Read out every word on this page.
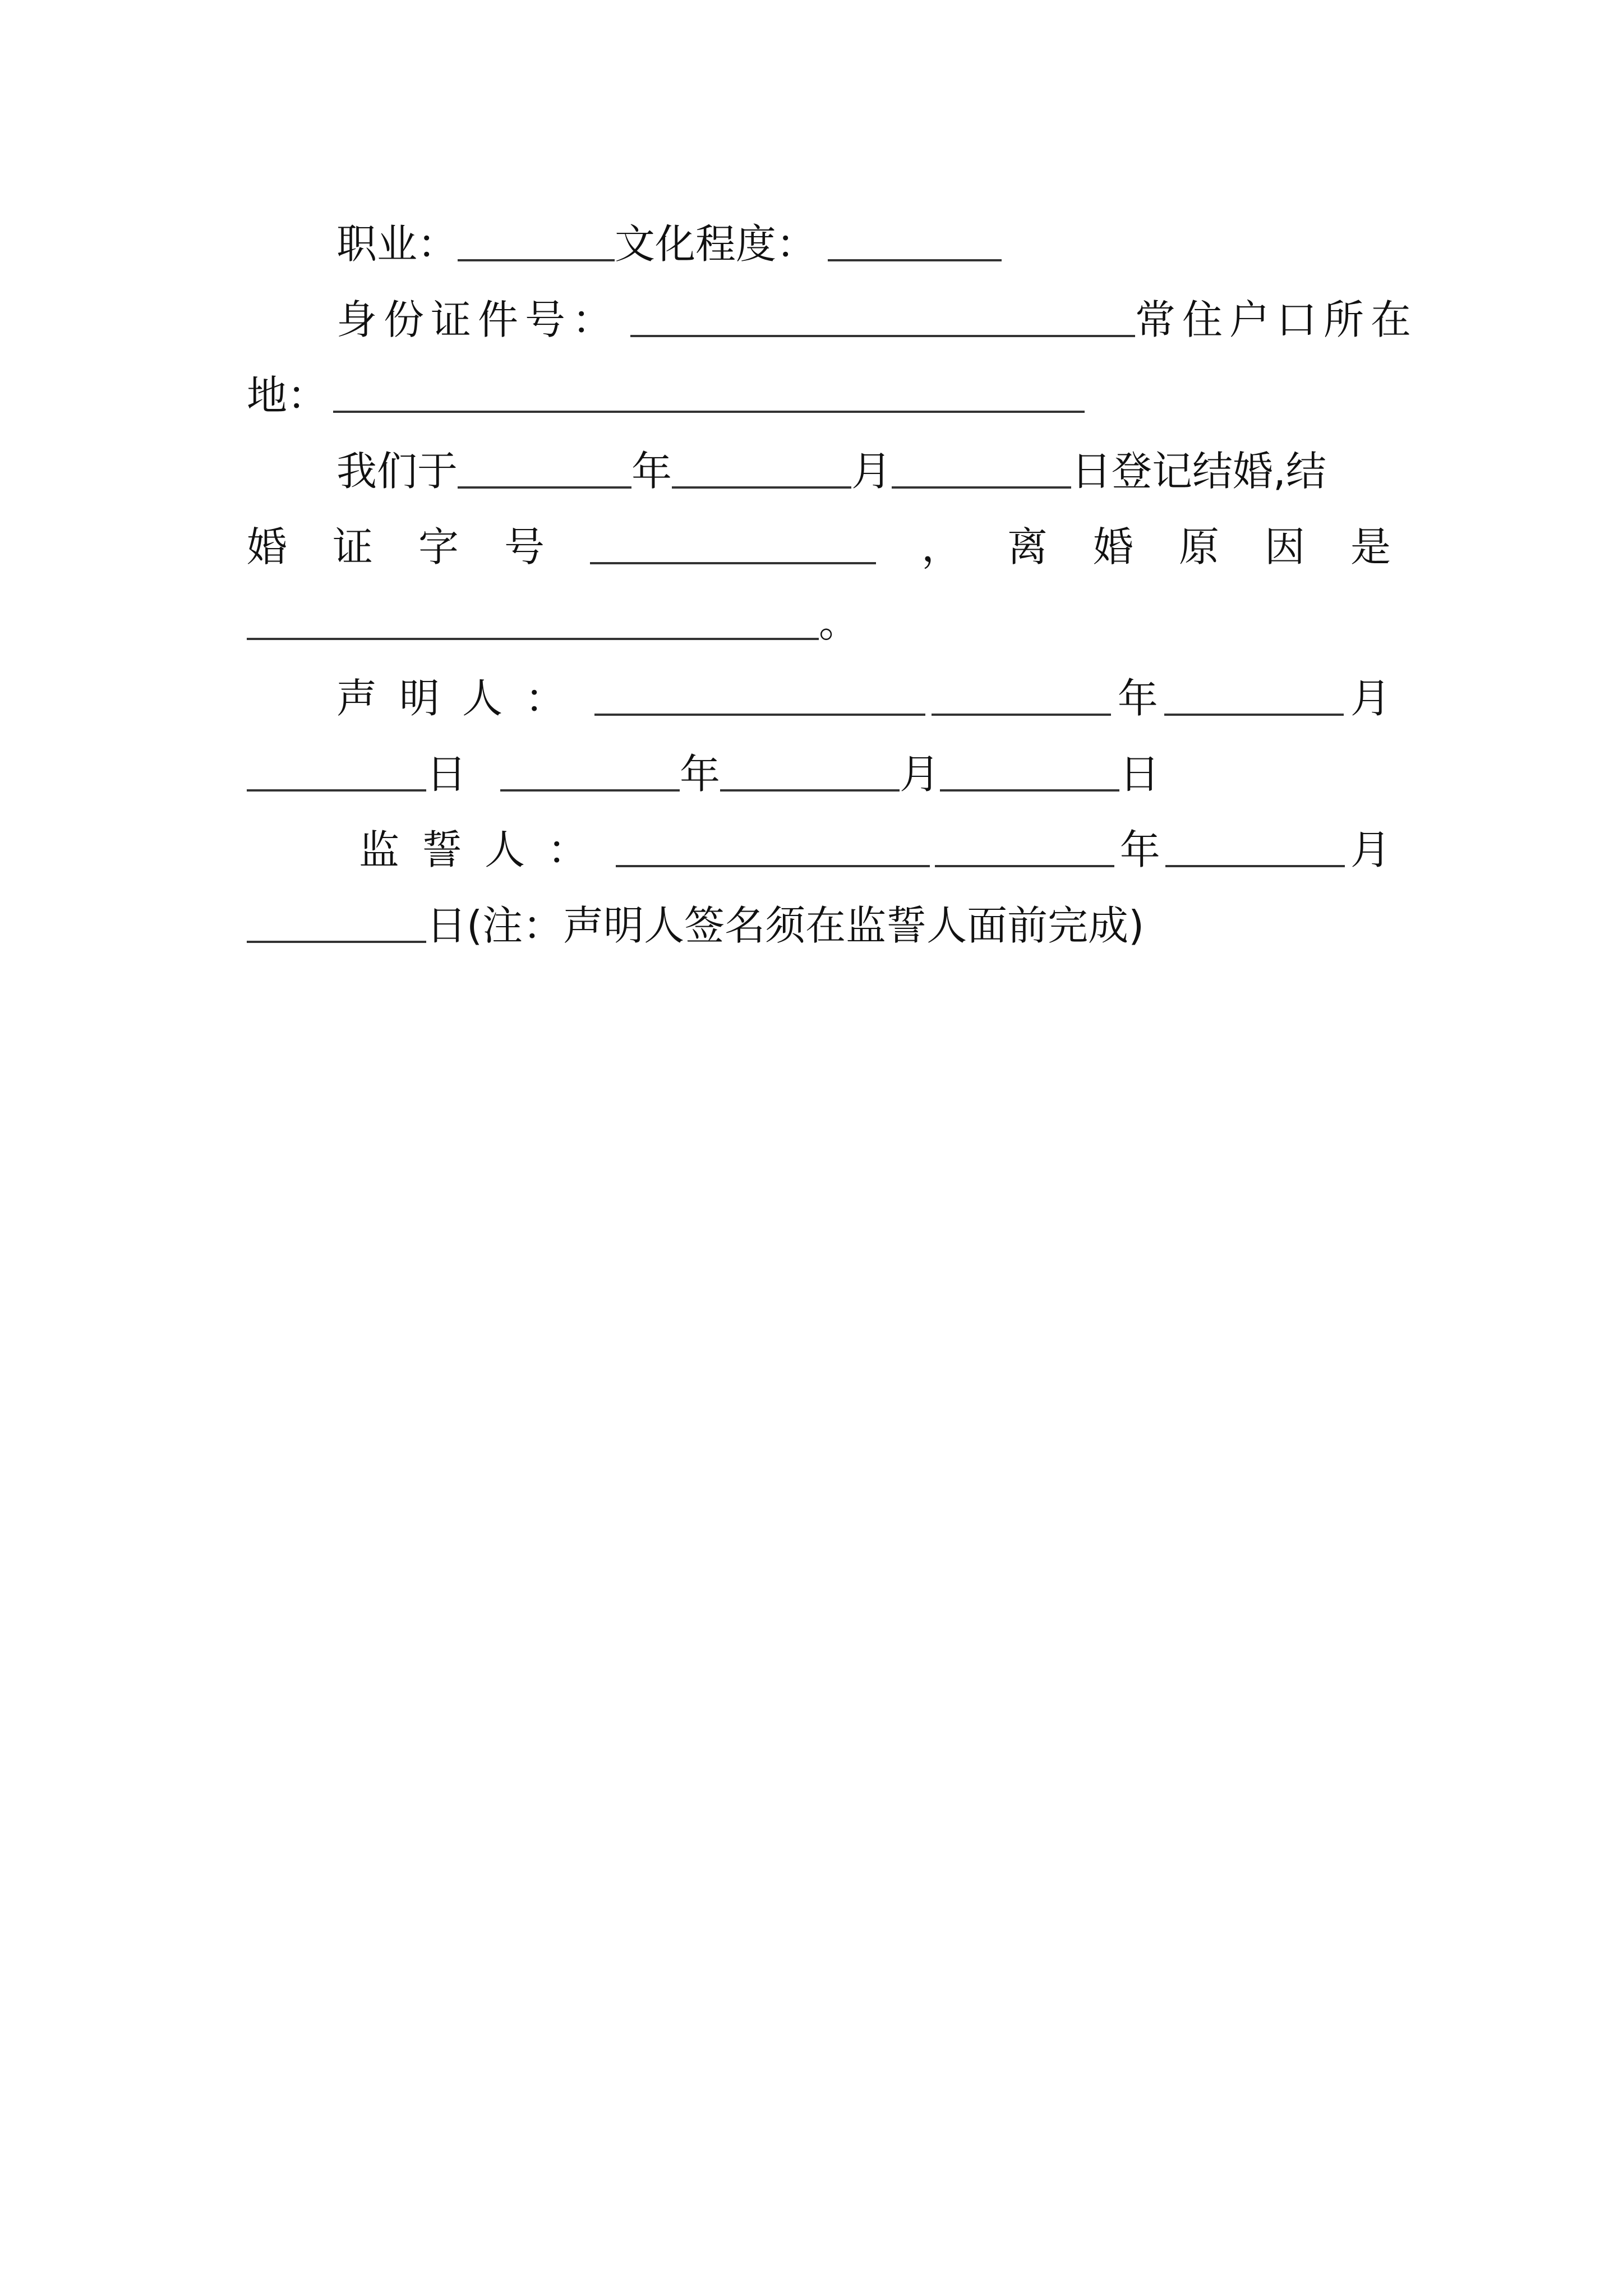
职业：	文化程度：
身份证件号：	常住户口所在
地：
我们于	年	月	日登记结婚,结
婚 证 字 号	， 离 婚 原 因 是
。
声明人：	年	月
日	年	月	日
监誓人：	年	月
日(注：声明人签名须在监誓人面前完成)
